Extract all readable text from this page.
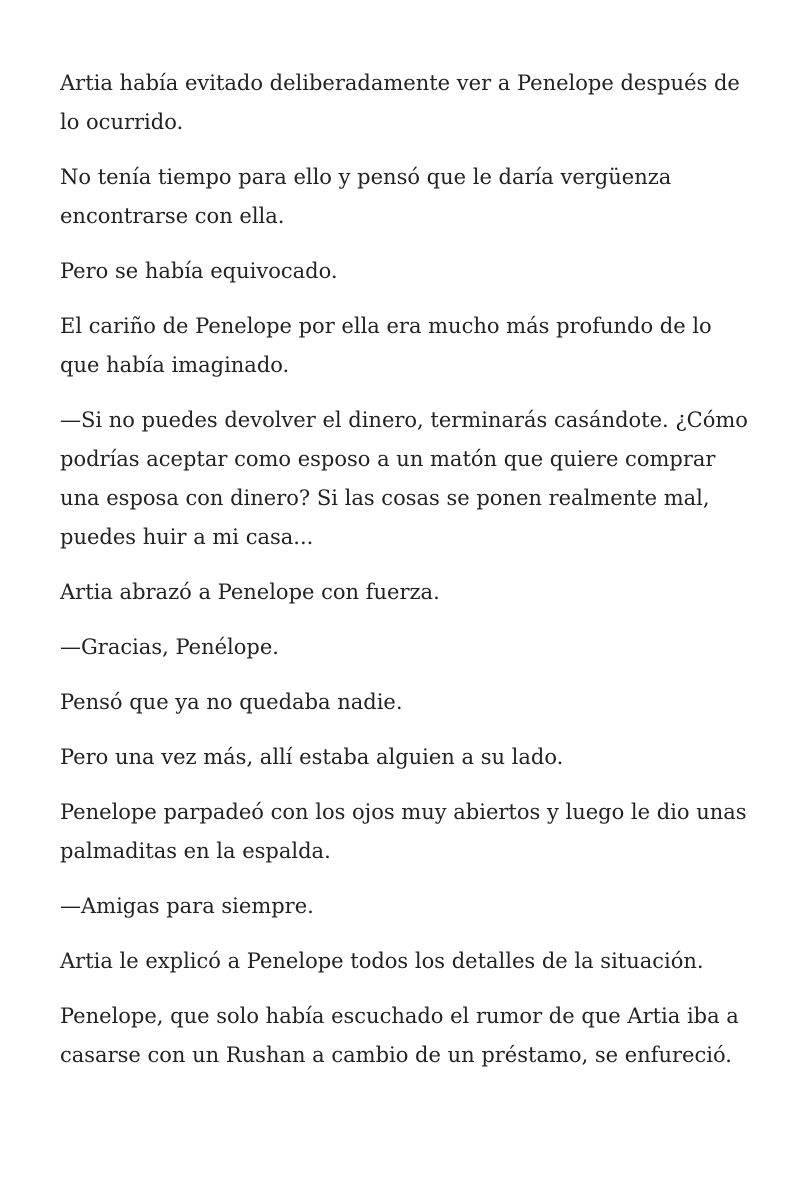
Artia había evitado deliberadamente ver a Penelope después de lo ocurrido.

No tenía tiempo para ello y pensó que le daría vergüenza encontrarse con ella.

Pero se había equivocado.

El cariño de Penelope por ella era mucho más profundo de lo que había imaginado.

—Si no puedes devolver el dinero, terminarás casándote. ¿Cómo podrías aceptar como esposo a un matón que quiere comprar una esposa con dinero? Si las cosas se ponen realmente mal, puedes huir a mi casa...

Artia abrazó a Penelope con fuerza.

—Gracias, Penélope.

Pensó que ya no quedaba nadie.

Pero una vez más, allí estaba alguien a su lado.

Penelope parpadeó con los ojos muy abiertos y luego le dio unas palmaditas en la espalda.

—Amigas para siempre.

Artia le explicó a Penelope todos los detalles de la situación.

Penelope, que solo había escuchado el rumor de que Artia iba a casarse con un Rushan a cambio de un préstamo, se enfureció.
